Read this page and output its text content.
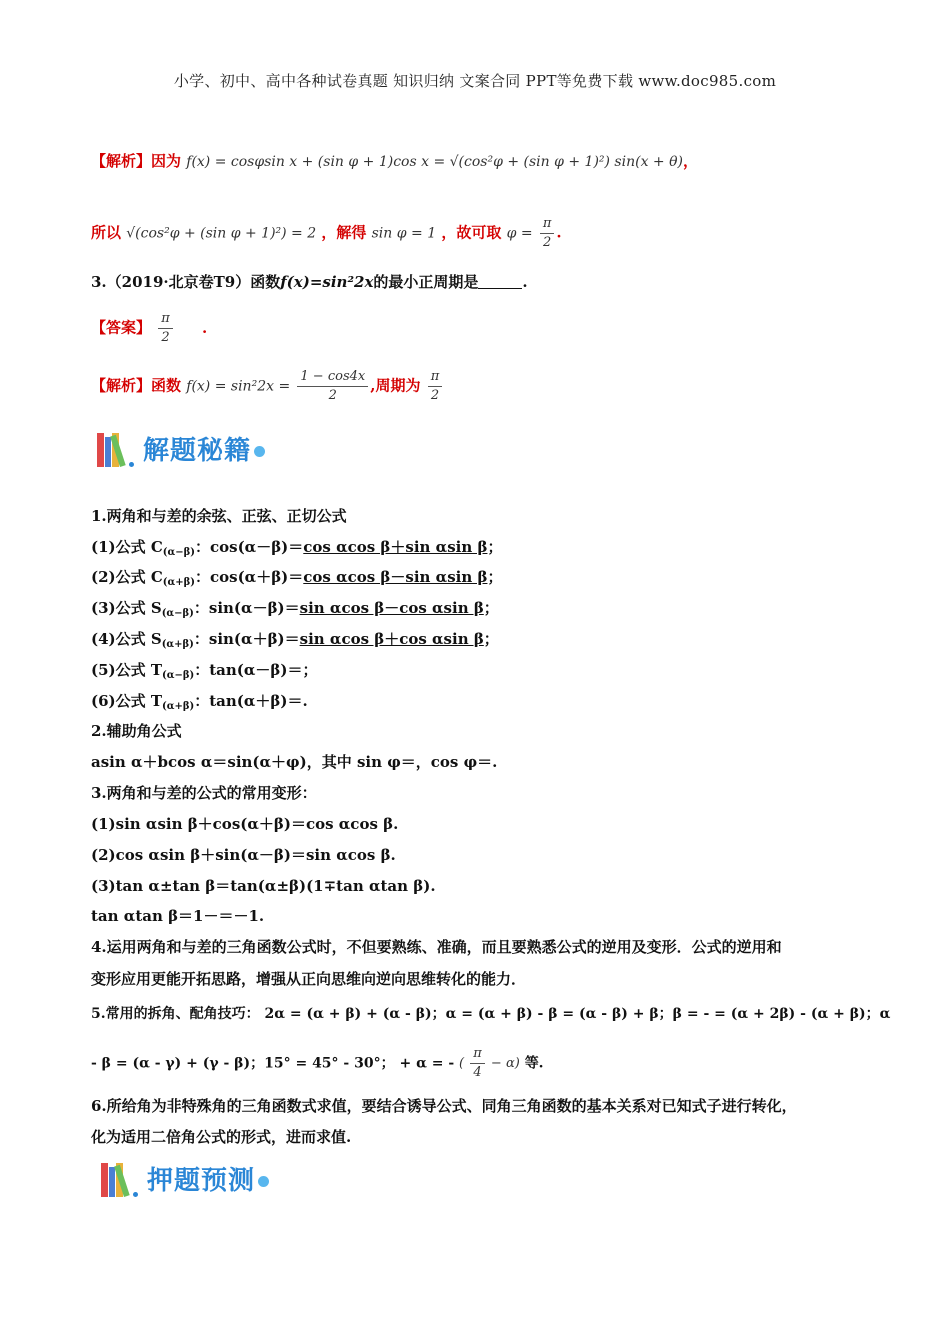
小学、初中、高中各种试卷真题 知识归纳 文案合同 PPT等免费下载 www.doc985.com
【解析】因为 f(x) = cosφsin x + (sin φ + 1)cos x = √(cos²φ + (sin φ + 1)²) sin(x + θ)，
所以 √(cos²φ + (sin φ + 1)²) = 2 ，解得 sin φ = 1 ，故可取 $\varphi = \frac{\pi}{2}$ .
3.（2019·北京卷T9）函数f(x)=sin²2x的最小正周期是	.
【答案】 $\frac{\pi}{2}$ .
【解析】函数 $f(x) = \sin^22x = \frac{1 - \cos 4x}{2}$ ,周期为 $\frac{\pi}{2}$
解题秘籍
1.两角和与差的余弦、正弦、正切公式
(1)公式 $C_{(\alpha-\beta)}$：cos(α－β)＝cos αcos β＋sin αsin β；
(2)公式 $C_{(\alpha+\beta)}$：cos(α＋β)＝cos αcos β－sin αsin β；
(3)公式 $S_{(\alpha-\beta)}$：sin(α－β)＝sin αcos β－cos αsin β；
(4)公式 $S_{(\alpha+\beta)}$：sin(α＋β)＝sin αcos β＋cos αsin β；
(5)公式 $T_{(\alpha-\beta)}$：tan(α－β)＝；
(6)公式 $T_{(\alpha+\beta)}$：tan(α＋β)＝.
2.辅助角公式
asin α＋bcos α＝sin(α＋φ)，其中 sin φ＝，cos φ＝.
3.两角和与差的公式的常用变形：
(1)sin αsin β＋cos(α＋β)＝cos αcos β.
(2)cos αsin β＋sin(α－β)＝sin αcos β.
(3)tan α±tan β＝tan(α±β)(1∓tan αtan β).
tan αtan β＝1－＝－1.
4.运用两角和与差的三角函数公式时，不但要熟练、准确，而且要熟悉公式的逆用及变形．公式的逆用和
变形应用更能开拓思路，增强从正向思维向逆向思维转化的能力．
5.常用的拆角、配角技巧： 2α = (α + β) + (α - β)；α = (α + β) - β = (α - β) + β；β = - = (α + 2β) - (α + β)；α
- β = (α - γ) + (γ - β)；15° = 45° - 30°； + α = - ( $\frac{\pi}{4} - \alpha$) 等.
6.所给角为非特殊角的三角函数式求值，要结合诱导公式、同角三角函数的基本关系对已知式子进行转化，
化为适用二倍角公式的形式，进而求值.
押题预测
